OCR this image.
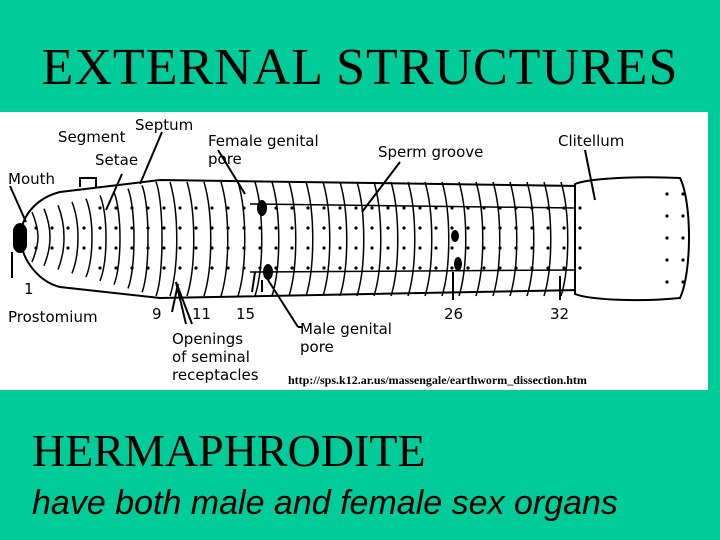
EXTERNAL STRUCTURES
Segment
Septum
Setae
Mouth
Female genital
pore	Sperm groove
Clitellum
1
Prostomium	9 11 15	26	32
Openings
of seminal
receptacles
Male genital
pore
http://sps.k12.ar.us/massengale/earthworm_dissection.htm
HERMAPHRODITE
have both male and female sex organs
